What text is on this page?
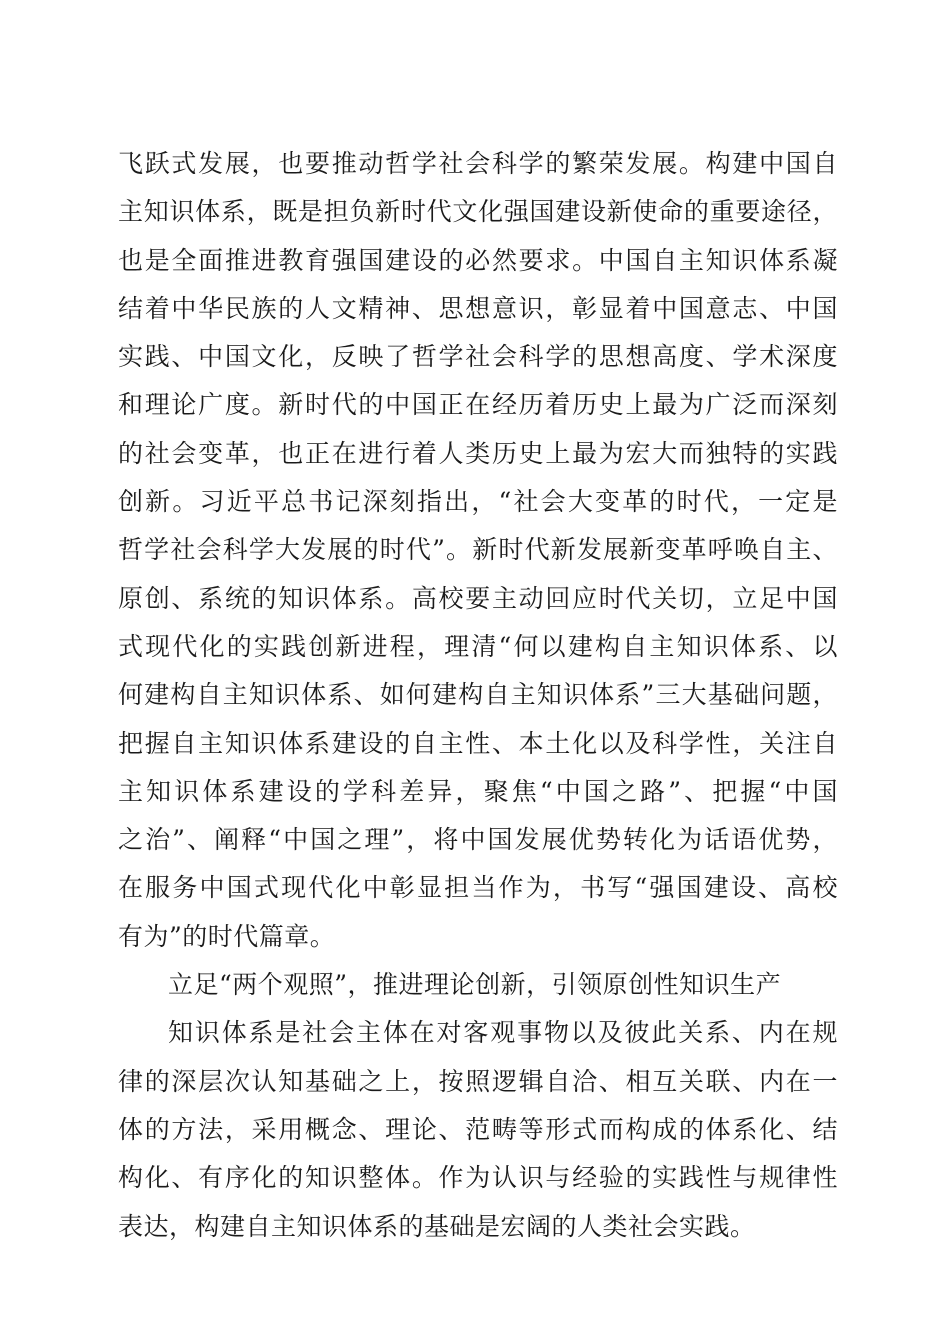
飞跃式发展，也要推动哲学社会科学的繁荣发展。构建中国自
主知识体系，既是担负新时代文化强国建设新使命的重要途径，
也是全面推进教育强国建设的必然要求。中国自主知识体系凝
结着中华民族的人文精神、思想意识，彰显着中国意志、中国
实践、中国文化，反映了哲学社会科学的思想高度、学术深度
和理论广度。新时代的中国正在经历着历史上最为广泛而深刻
的社会变革，也正在进行着人类历史上最为宏大而独特的实践
创新。习近平总书记深刻指出，“社会大变革的时代，一定是
哲学社会科学大发展的时代”。新时代新发展新变革呼唤自主、
原创、系统的知识体系。高校要主动回应时代关切，立足中国
式现代化的实践创新进程，理清“何以建构自主知识体系、以
何建构自主知识体系、如何建构自主知识体系”三大基础问题，
把握自主知识体系建设的自主性、本土化以及科学性，关注自
主知识体系建设的学科差异，聚焦“中国之路”、把握“中国
之治”、阐释“中国之理”，将中国发展优势转化为话语优势，
在服务中国式现代化中彰显担当作为，书写“强国建设、高校
有为”的时代篇章。
立足“两个观照”，推进理论创新，引领原创性知识生产
知识体系是社会主体在对客观事物以及彼此关系、内在规
律的深层次认知基础之上，按照逻辑自洽、相互关联、内在一
体的方法，采用概念、理论、范畴等形式而构成的体系化、结
构化、有序化的知识整体。作为认识与经验的实践性与规律性
表达，构建自主知识体系的基础是宏阔的人类社会实践。
